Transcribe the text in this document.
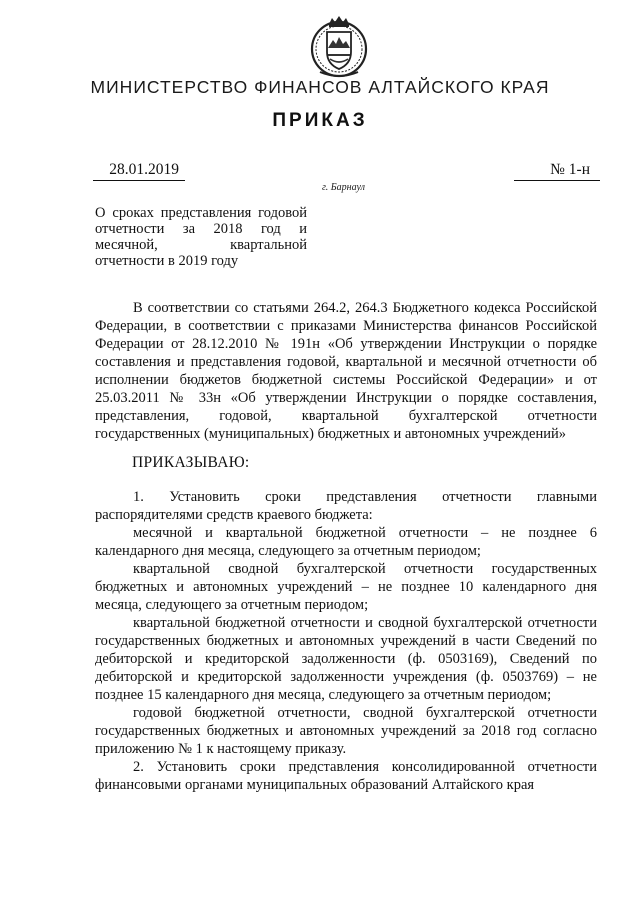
МИНИСТЕРСТВО ФИНАНСОВ АЛТАЙСКОГО КРАЯ
ПРИКАЗ
28.01.2019	№ 1-н
г. Барнаул
О сроках представления годовой отчетности за 2018 год и месячной, квартальной отчетности в 2019 году
В соответствии со статьями 264.2, 264.3 Бюджетного кодекса Российской Федерации, в соответствии с приказами Министерства финансов Российской Федерации от 28.12.2010 № 191н «Об утверждении Инструкции о порядке составления и представления годовой, квартальной и месячной отчетности об исполнении бюджетов бюджетной системы Российской Федерации» и от 25.03.2011 № 33н «Об утверждении Инструкции о порядке составления, представления, годовой, квартальной бухгалтерской отчетности государственных (муниципальных) бюджетных и автономных учреждений»
ПРИКАЗЫВАЮ:

1. Установить сроки представления отчетности главными распорядителями средств краевого бюджета:

месячной и квартальной бюджетной отчетности – не позднее 6 календарного дня месяца, следующего за отчетным периодом;

квартальной сводной бухгалтерской отчетности государственных бюджетных и автономных учреждений – не позднее 10 календарного дня месяца, следующего за отчетным периодом;

квартальной бюджетной отчетности и сводной бухгалтерской отчетности государственных бюджетных и автономных учреждений в части Сведений по дебиторской и кредиторской задолженности (ф. 0503169), Сведений по дебиторской и кредиторской задолженности учреждения (ф. 0503769) – не позднее 15 календарного дня месяца, следующего за отчетным периодом;

годовой бюджетной отчетности, сводной бухгалтерской отчетности государственных бюджетных и автономных учреждений за 2018 год согласно приложению № 1 к настоящему приказу.

2. Установить сроки представления консолидированной отчетности финансовыми органами муниципальных образований Алтайского края
